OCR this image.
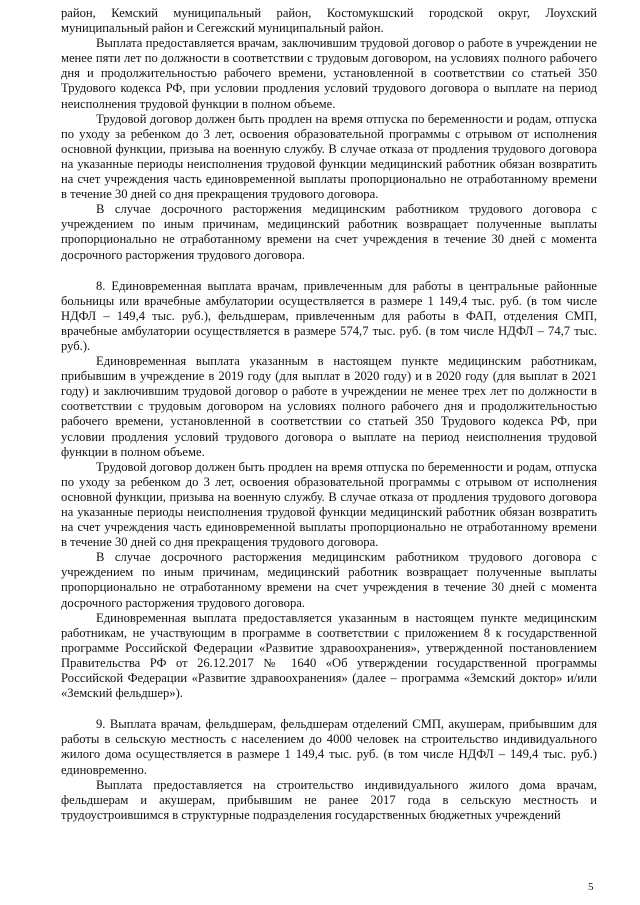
район, Кемский муниципальный район, Костомукшский городской округ, Лоухский муниципальный район и Сегежский муниципальный район.

Выплата предоставляется врачам, заключившим трудовой договор о работе в учреждении не менее пяти лет по должности в соответствии с трудовым договором, на условиях полного рабочего дня и продолжительностью рабочего времени, установленной в соответствии со статьей 350 Трудового кодекса РФ, при условии продления условий трудового договора о выплате на период неисполнения трудовой функции в полном объеме.

Трудовой договор должен быть продлен на время отпуска по беременности и родам, отпуска по уходу за ребенком до 3 лет, освоения образовательной программы с отрывом от исполнения основной функции, призыва на военную службу. В случае отказа от продления трудового договора на указанные периоды неисполнения трудовой функции медицинский работник обязан возвратить на счет учреждения часть единовременной выплаты пропорционально не отработанному времени в течение 30 дней со дня прекращения трудового договора.

В случае досрочного расторжения медицинским работником трудового договора с учреждением по иным причинам, медицинский работник возвращает полученные выплаты пропорционально не отработанному времени на счет учреждения в течение 30 дней с момента досрочного расторжения трудового договора.

8. Единовременная выплата врачам, привлеченным для работы в центральные районные больницы или врачебные амбулатории осуществляется в размере 1 149,4 тыс. руб. (в том числе НДФЛ – 149,4 тыс. руб.), фельдшерам, привлеченным для работы в ФАП, отделения СМП, врачебные амбулатории осуществляется в размере 574,7 тыс. руб. (в том числе НДФЛ – 74,7 тыс. руб.).

Единовременная выплата указанным в настоящем пункте медицинским работникам, прибывшим в учреждение в 2019 году (для выплат в 2020 году) и в 2020 году (для выплат в 2021 году) и заключившим трудовой договор о работе в учреждении не менее трех лет по должности в соответствии с трудовым договором на условиях полного рабочего дня и продолжительностью рабочего времени, установленной в соответствии со статьей 350 Трудового кодекса РФ, при условии продления условий трудового договора о выплате на период неисполнения трудовой функции в полном объеме.

Трудовой договор должен быть продлен на время отпуска по беременности и родам, отпуска по уходу за ребенком до 3 лет, освоения образовательной программы с отрывом от исполнения основной функции, призыва на военную службу. В случае отказа от продления трудового договора на указанные периоды неисполнения трудовой функции медицинский работник обязан возвратить на счет учреждения часть единовременной выплаты пропорционально не отработанному времени в течение 30 дней со дня прекращения трудового договора.

В случае досрочного расторжения медицинским работником трудового договора с учреждением по иным причинам, медицинский работник возвращает полученные выплаты пропорционально не отработанному времени на счет учреждения в течение 30 дней с момента досрочного расторжения трудового договора.

Единовременная выплата предоставляется указанным в настоящем пункте медицинским работникам, не участвующим в программе в соответствии с приложением 8 к государственной программе Российской Федерации «Развитие здравоохранения», утвержденной постановлением Правительства РФ от 26.12.2017 № 1640 «Об утверждении государственной программы Российской Федерации «Развитие здравоохранения» (далее – программа «Земский доктор» и/или «Земский фельдшер»).

9. Выплата врачам, фельдшерам, фельдшерам отделений СМП, акушерам, прибывшим для работы в сельскую местность с населением до 4000 человек на строительство индивидуального жилого дома осуществляется в размере 1 149,4 тыс. руб. (в том числе НДФЛ – 149,4 тыс. руб.) единовременно.

Выплата предоставляется на строительство индивидуального жилого дома врачам, фельдшерам и акушерам, прибывшим не ранее 2017 года в сельскую местность и трудоустроившимся в структурные подразделения государственных бюджетных учреждений

5
